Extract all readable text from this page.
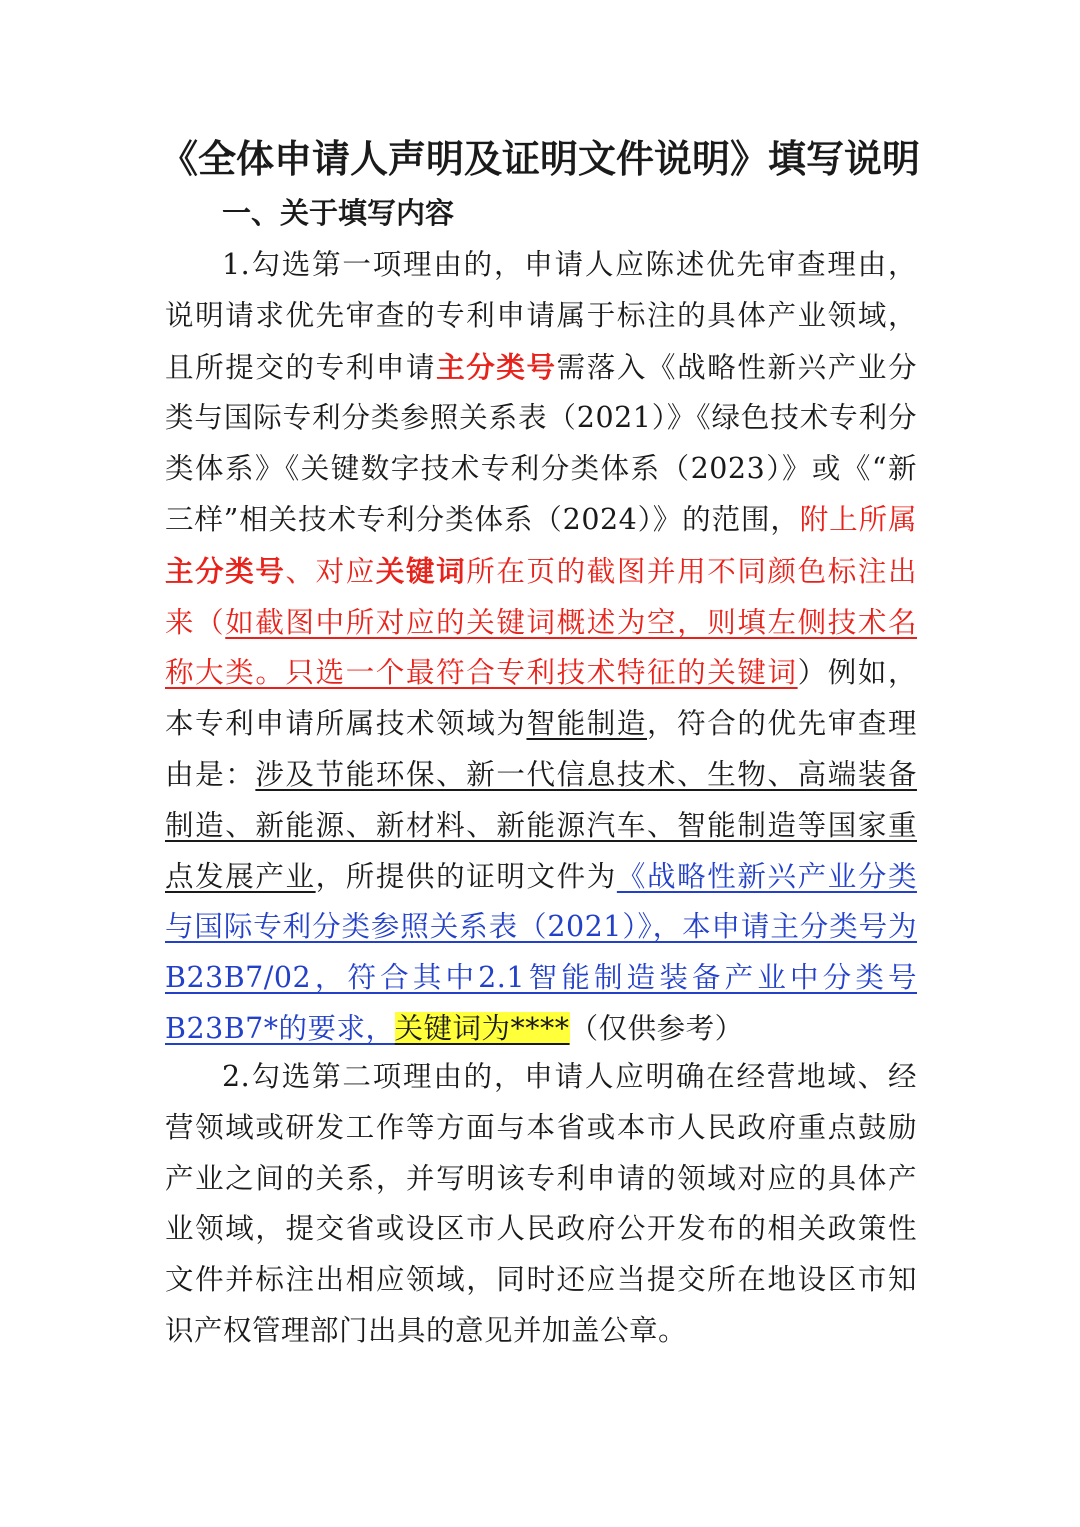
《全体申请人声明及证明文件说明》填写说明
一、关于填写内容

1.勾选第一项理由的，申请人应陈述优先审查理由，说明请求优先审查的专利申请属于标注的具体产业领域，且所提交的专利申请主分类号需落入《战略性新兴产业分类与国际专利分类参照关系表（2021）》《绿色技术专利分类体系》《关键数字技术专利分类体系（2023）》或《“新三样”相关技术专利分类体系（2024）》的范围，附上所属主分类号、对应关键词所在页的截图并用不同颜色标注出来（如截图中所对应的关键词概述为空，则填左侧技术名称大类。只选一个最符合专利技术特征的关键词）例如，本专利申请所属技术领域为智能制造，符合的优先审查理由是：涉及节能环保、新一代信息技术、生物、高端装备制造、新能源、新材料、新能源汽车、智能制造等国家重点发展产业，所提供的证明文件为《战略性新兴产业分类与国际专利分类参照关系表（2021）》，本申请主分类号为B23B7/02，符合其中2.1智能制造装备产业中分类号B23B7*的要求，关键词为****（仅供参考）

2.勾选第二项理由的，申请人应明确在经营地域、经营领域或研发工作等方面与本省或本市人民政府重点鼓励产业之间的关系，并写明该专利申请的领域对应的具体产业领域，提交省或设区市人民政府公开发布的相关政策性文件并标注出相应领域，同时还应当提交所在地设区市知识产权管理部门出具的意见并加盖公章。
